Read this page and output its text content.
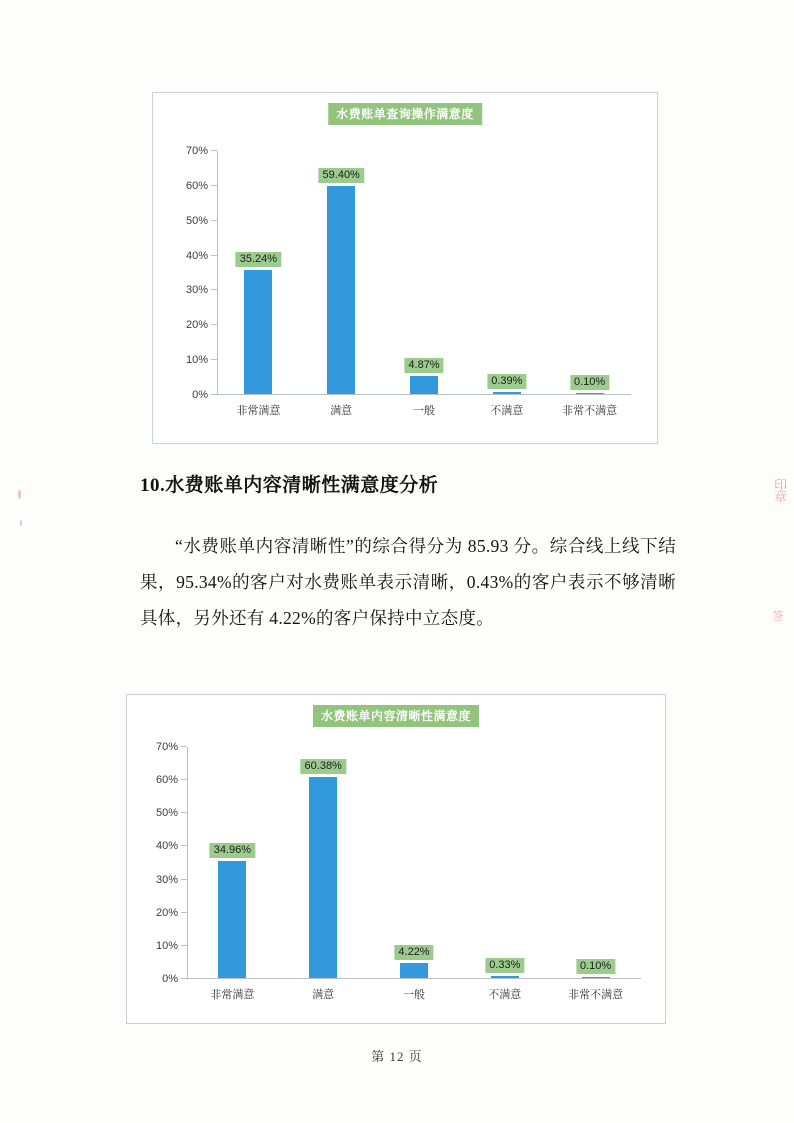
印章
签
水费账单查询操作满意度
0%
10%
20%
30%
40%
50%
60%
70%
35.24%
非常满意
59.40%
满意
4.87%
一般
0.39%
不满意
0.10%
非常不满意
10.水费账单内容清晰性满意度分析
“水费账单内容清晰性”的综合得分为 85.93 分。综合线上线下结果，95.34%的客户对水费账单表示清晰，0.43%的客户表示不够清晰具体，另外还有 4.22%的客户保持中立态度。
水费账单内容清晰性满意度
0%
10%
20%
30%
40%
50%
60%
70%
34.96%
非常满意
60.38%
满意
4.22%
一般
0.33%
不满意
0.10%
非常不满意
第 12 页
